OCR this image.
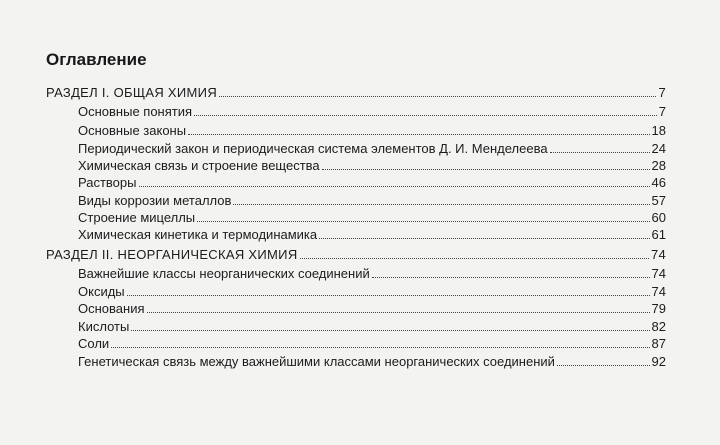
Оглавление
РАЗДЕЛ I. ОБЩАЯ ХИМИЯ	7
Основные понятия	7
Основные законы	18
Периодический закон и периодическая система элементов Д. И. Менделеева	24
Химическая связь и строение вещества	28
Растворы	46
Виды коррозии металлов	57
Строение мицеллы	60
Химическая кинетика и термодинамика	61
РАЗДЕЛ II. НЕОРГАНИЧЕСКАЯ ХИМИЯ	74
Важнейшие классы неорганических соединений	74
Оксиды	74
Основания	79
Кислоты	82
Соли	87
Генетическая связь между важнейшими классами неорганических соединений	92
